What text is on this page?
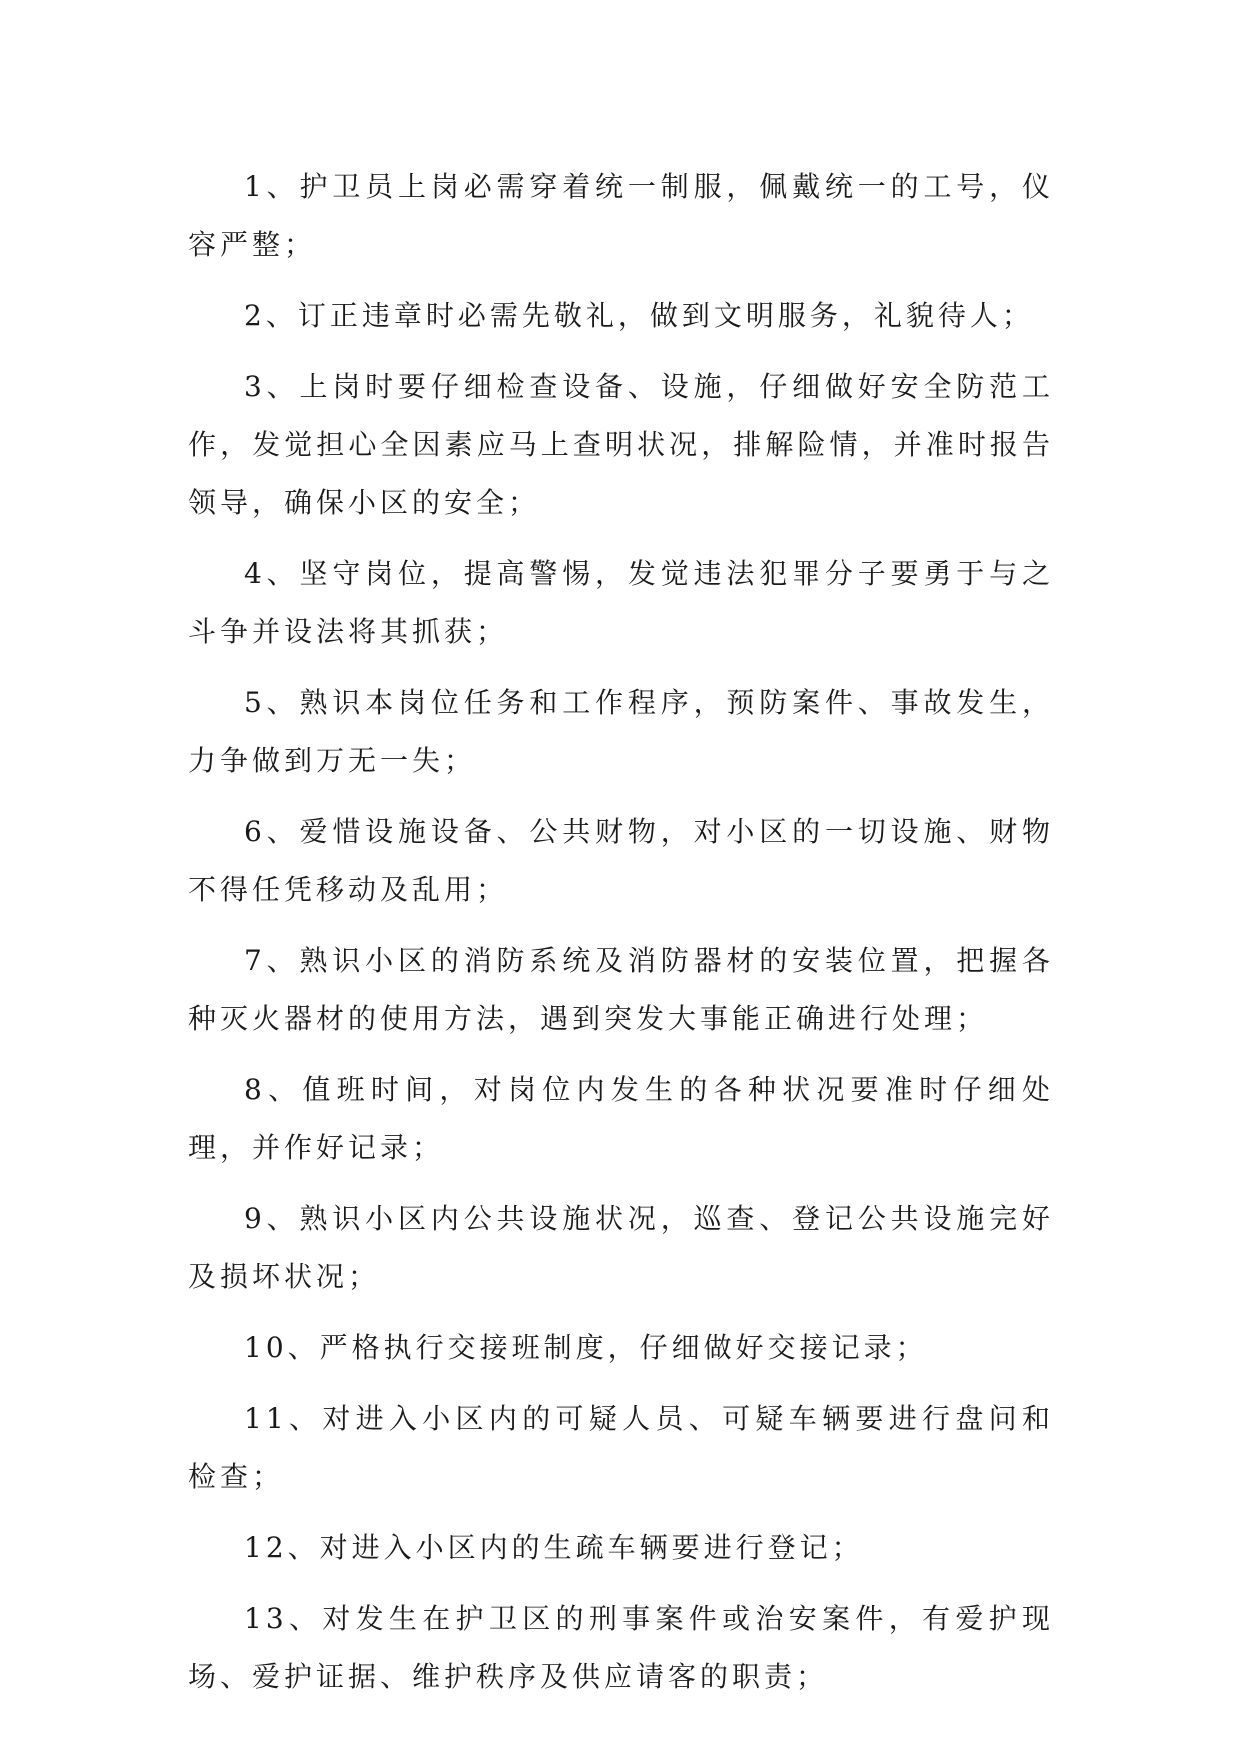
1、护卫员上岗必需穿着统一制服，佩戴统一的工号，仪容严整；

2、订正违章时必需先敬礼，做到文明服务，礼貌待人；

3、上岗时要仔细检查设备、设施，仔细做好安全防范工作，发觉担心全因素应马上查明状况，排解险情，并准时报告领导，确保小区的安全；

4、坚守岗位，提高警惕，发觉违法犯罪分子要勇于与之斗争并设法将其抓获；

5、熟识本岗位任务和工作程序，预防案件、事故发生，力争做到万无一失；

6、爱惜设施设备、公共财物，对小区的一切设施、财物不得任凭移动及乱用；

7、熟识小区的消防系统及消防器材的安装位置，把握各种灭火器材的使用方法，遇到突发大事能正确进行处理；

8、值班时间，对岗位内发生的各种状况要准时仔细处理，并作好记录；

9、熟识小区内公共设施状况，巡查、登记公共设施完好及损坏状况；

10、严格执行交接班制度，仔细做好交接记录；

11、对进入小区内的可疑人员、可疑车辆要进行盘问和检查；

12、对进入小区内的生疏车辆要进行登记；

13、对发生在护卫区的刑事案件或治安案件，有爱护现场、爱护证据、维护秩序及供应请客的职责；
